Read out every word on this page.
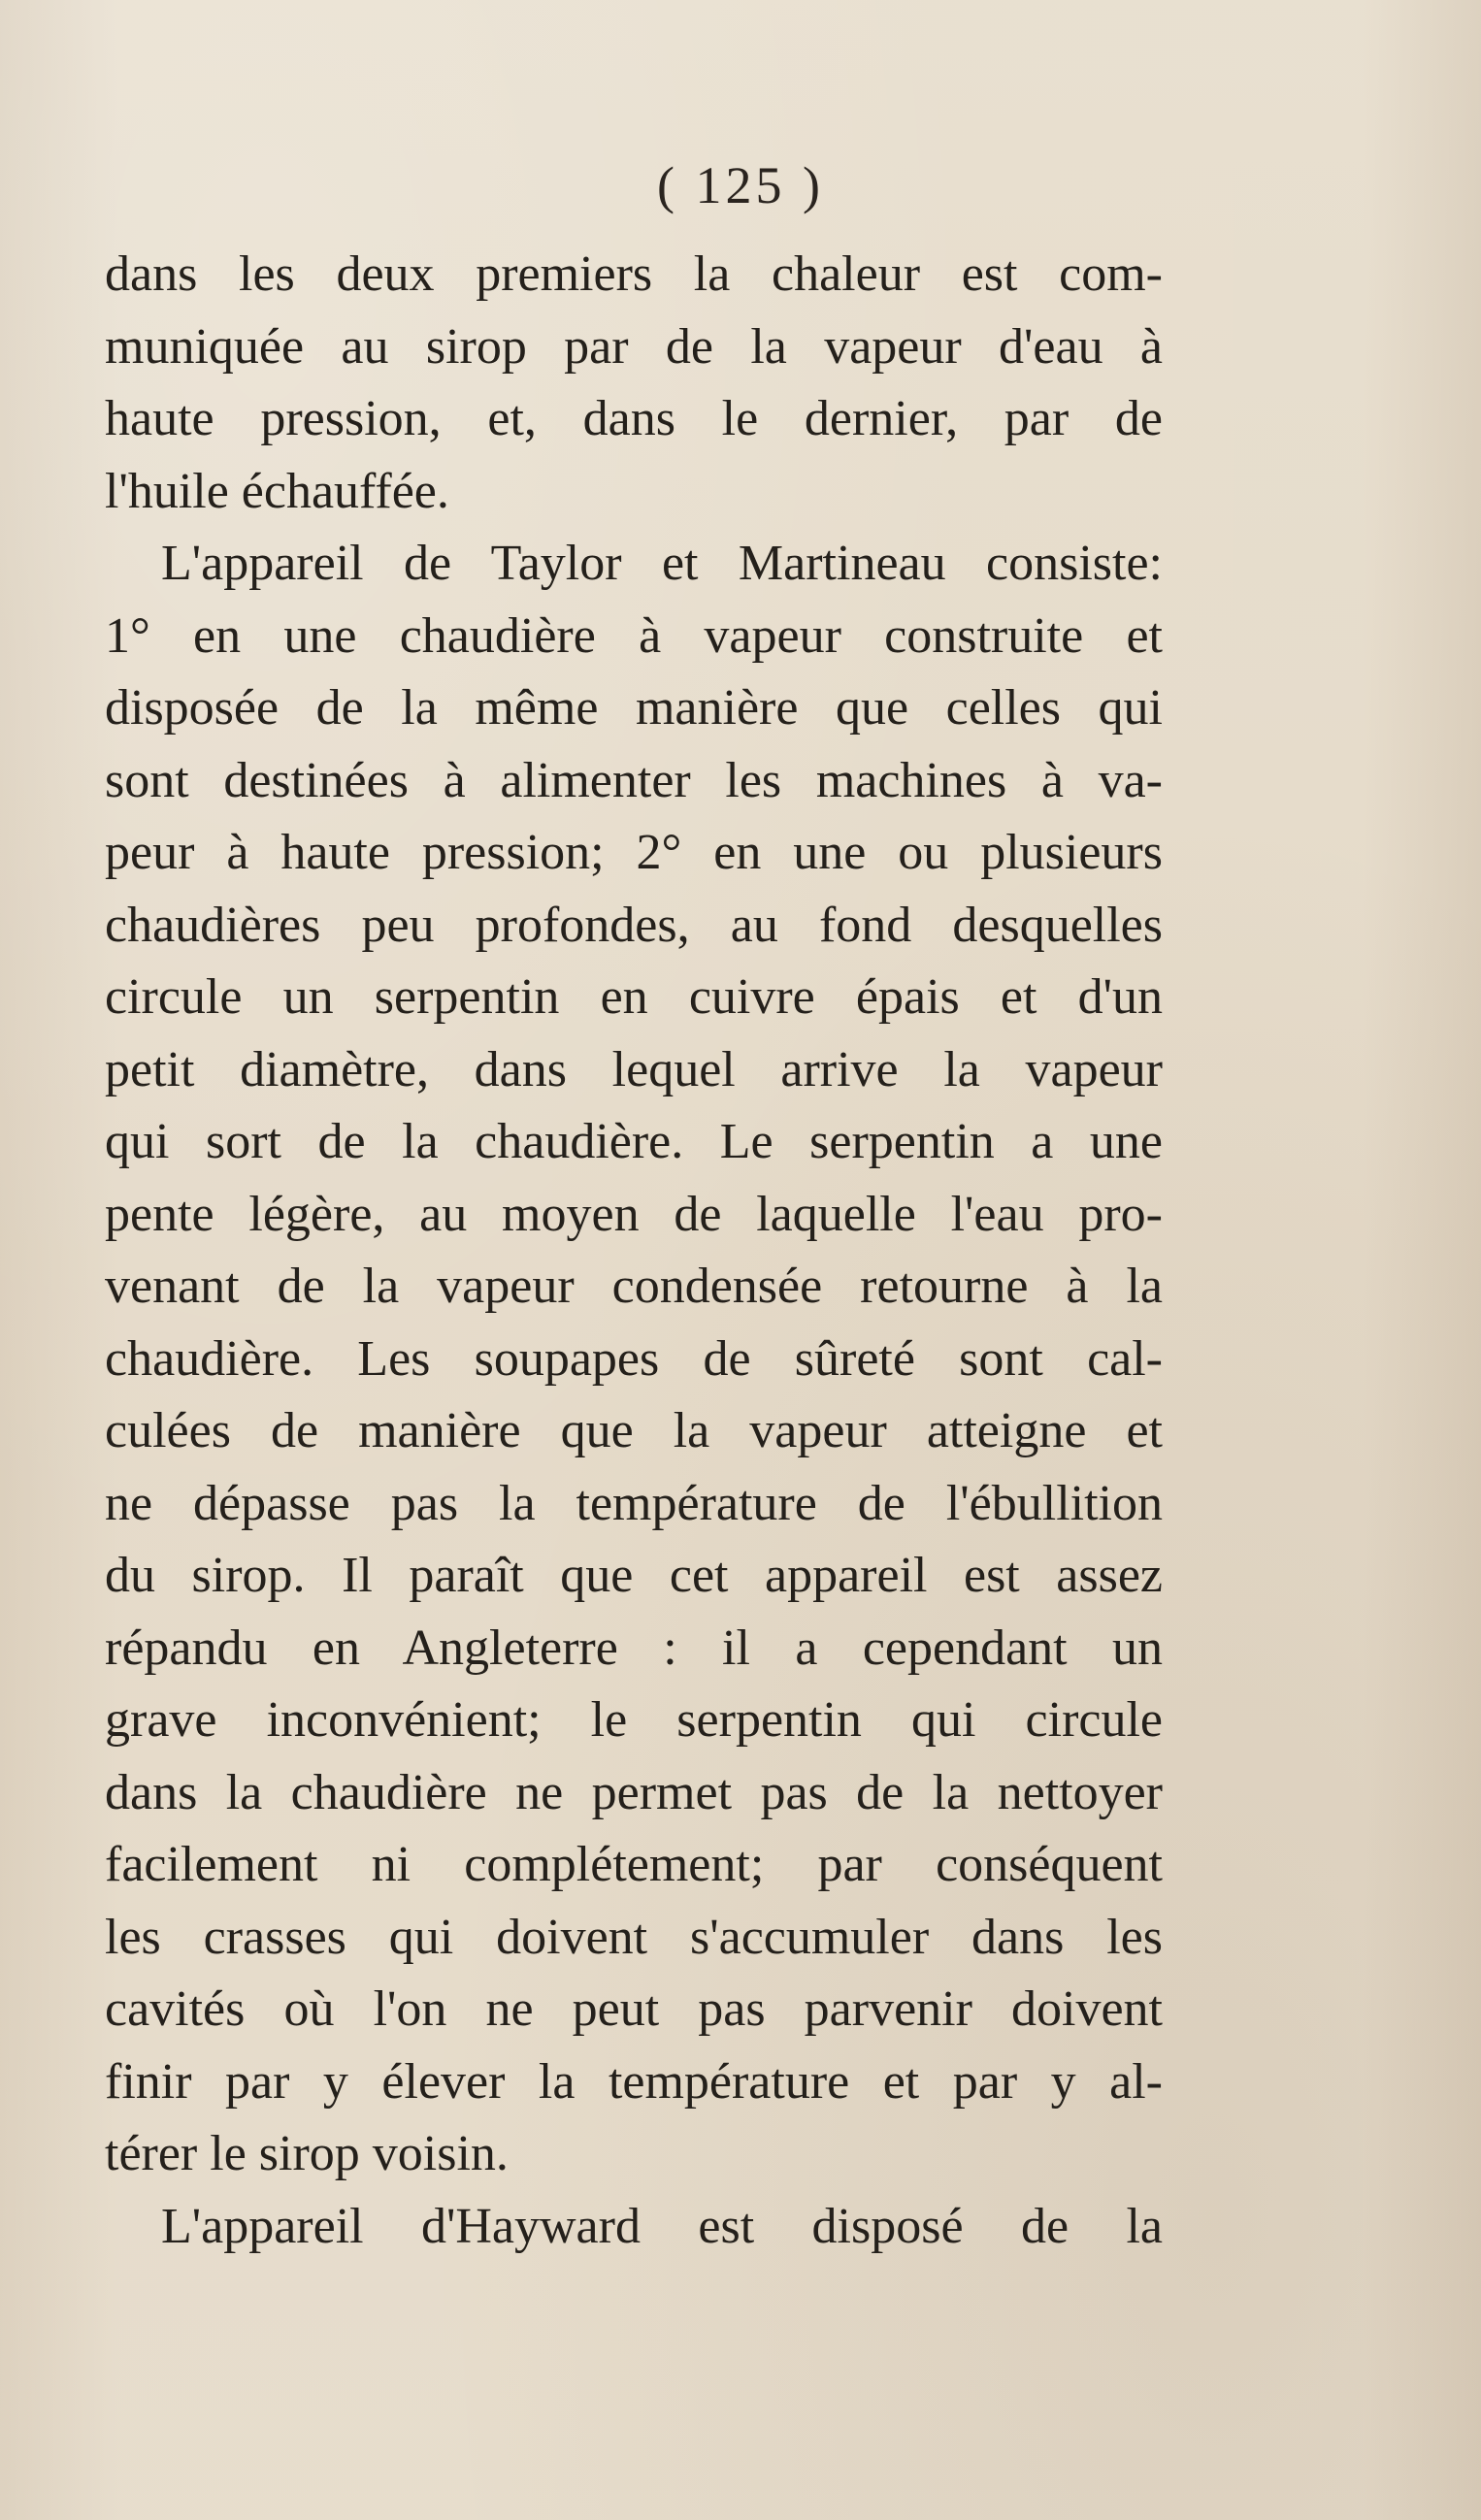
( 125 )
dans les deux premiers la chaleur est com-
muniquée au sirop par de la vapeur d'eau à
haute pression, et, dans le dernier, par de
l'huile échauffée.
L'appareil de Taylor et Martineau consiste:
1° en une chaudière à vapeur construite et
disposée de la même manière que celles qui
sont destinées à alimenter les machines à va-
peur à haute pression; 2° en une ou plusieurs
chaudières peu profondes, au fond desquelles
circule un serpentin en cuivre épais et d'un
petit diamètre, dans lequel arrive la vapeur
qui sort de la chaudière. Le serpentin a une
pente légère, au moyen de laquelle l'eau pro-
venant de la vapeur condensée retourne à la
chaudière. Les soupapes de sûreté sont cal-
culées de manière que la vapeur atteigne et
ne dépasse pas la température de l'ébullition
du sirop. Il paraît que cet appareil est assez
répandu en Angleterre : il a cependant un
grave inconvénient; le serpentin qui circule
dans la chaudière ne permet pas de la nettoyer
facilement ni complétement; par conséquent
les crasses qui doivent s'accumuler dans les
cavités où l'on ne peut pas parvenir doivent
finir par y élever la température et par y al-
térer le sirop voisin.
L'appareil d'Hayward est disposé de la
